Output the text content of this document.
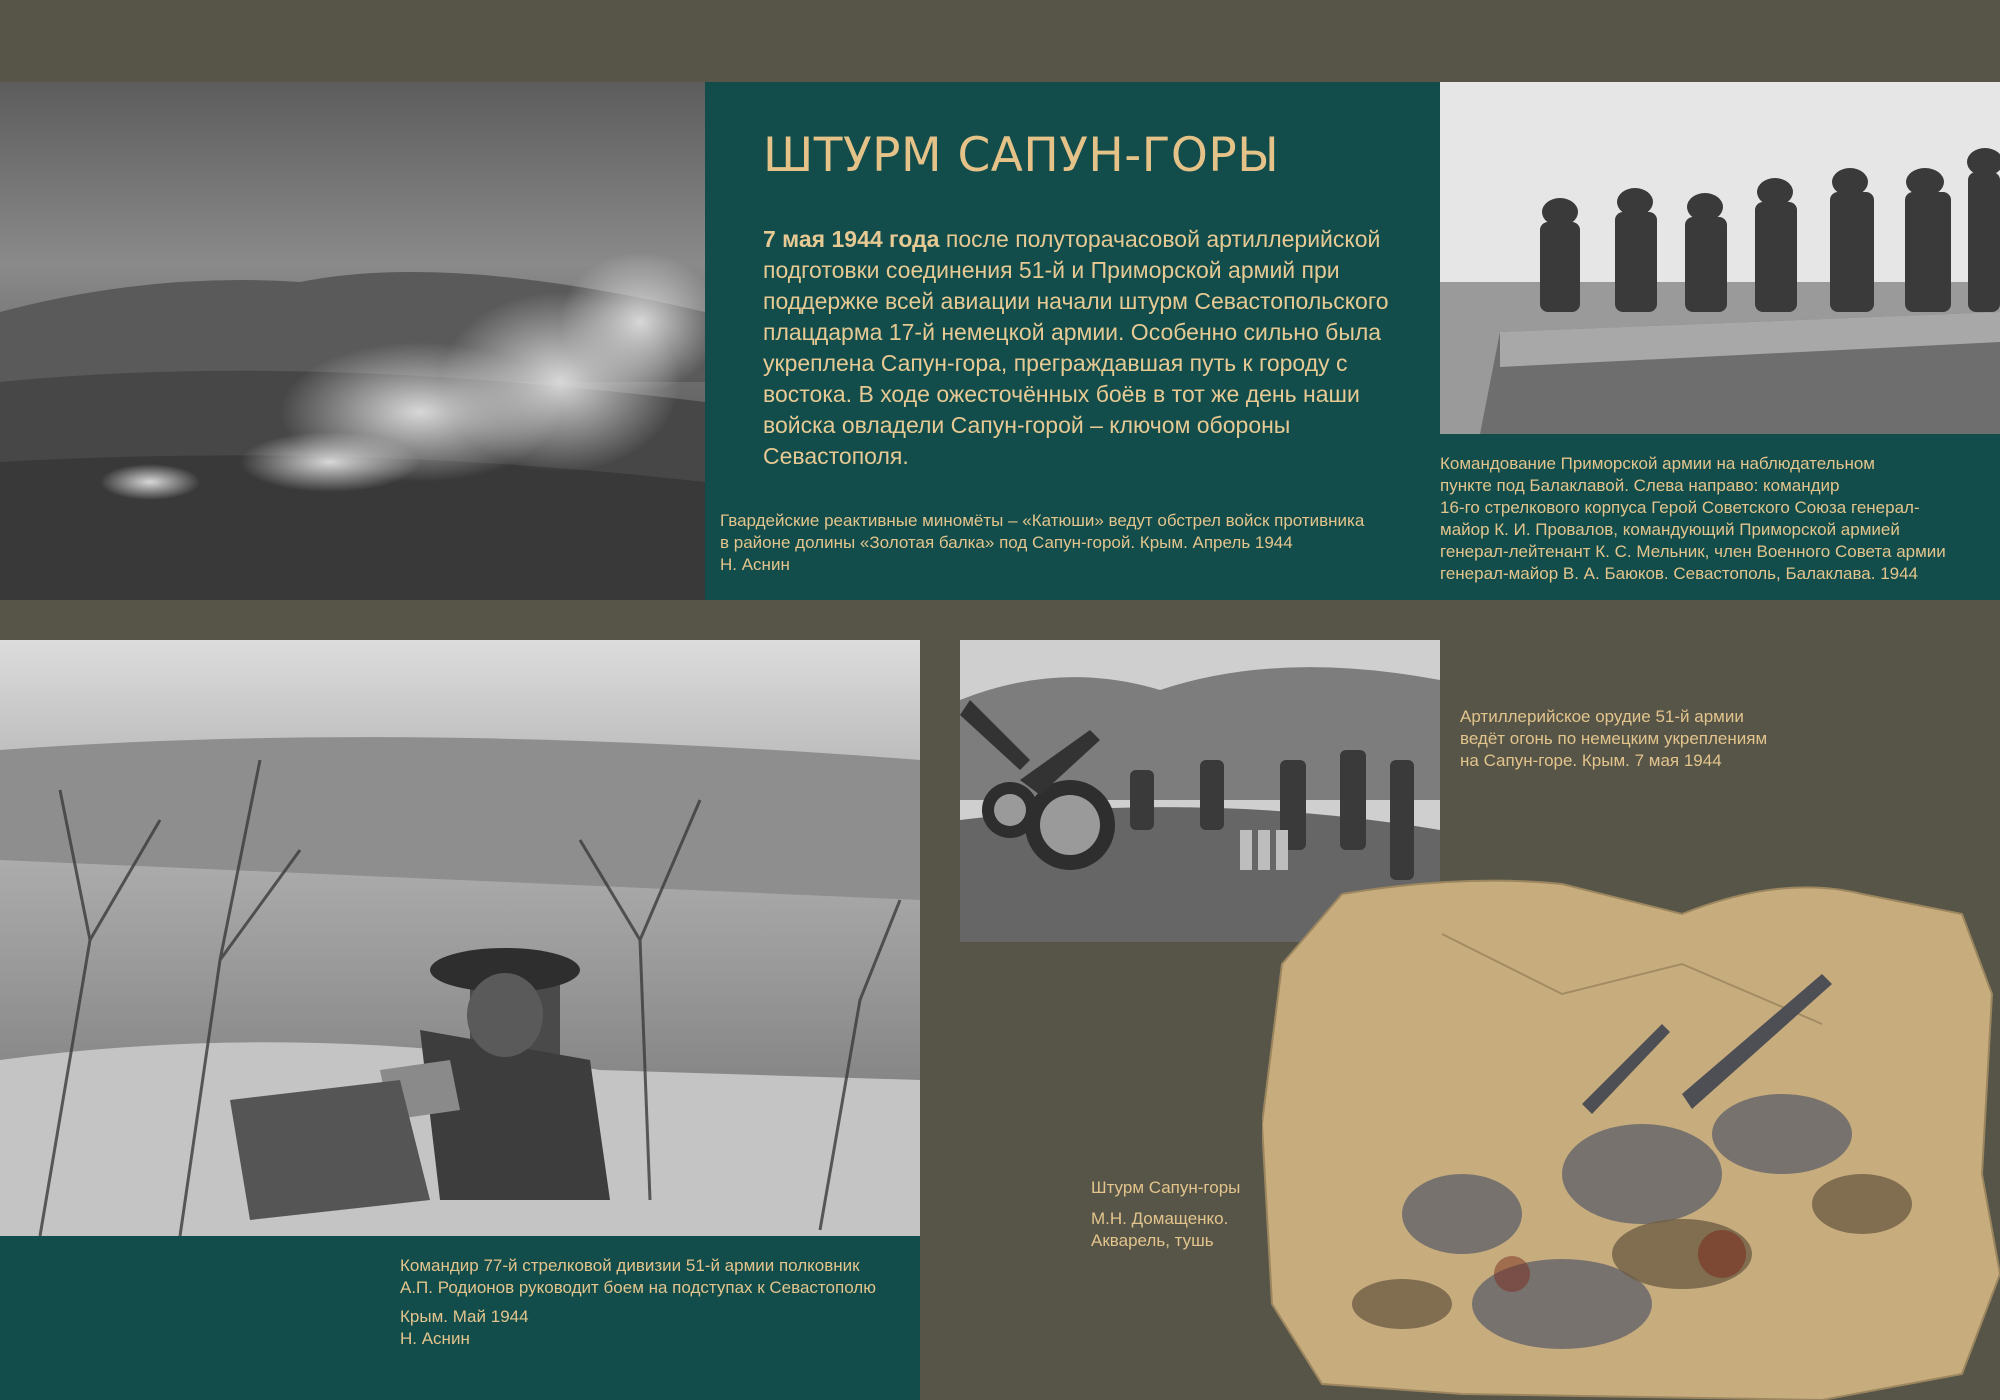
ШТУРМ САПУН-ГОРЫ
7 мая 1944 года после полуторачасовой артиллерийской подготовки соединения 51-й и Приморской армий при поддержке всей авиации начали штурм Севастопольского плацдарма 17-й немецкой армии. Особенно сильно была укреплена Сапун-гора, преграждавшая путь к городу с востока. В ходе ожесточённых боёв в тот же день наши войска овладели Сапун-горой – ключом обороны Севастополя.
Гвардейские реактивные миномёты – «Катюши» ведут обстрел войск противника
в районе долины «Золотая балка» под Сапун-горой. Крым. Апрель 1944
Н. Аснин
Командование Приморской армии на наблюдательном
пункте под Балаклавой. Слева направо: командир
16-го стрелкового корпуса Герой Советского Союза генерал-
майор К. И. Провалов, командующий Приморской армией
генерал-лейтенант К. С. Мельник, член Военного Совета армии
генерал-майор В. А. Баюков. Севастополь, Балаклава. 1944
Командир 77-й стрелковой дивизии 51-й армии полковник
А.П. Родионов руководит боем на подступах к Севастополю
Крым. Май 1944
Н. Аснин
Артиллерийское орудие 51-й армии
ведёт огонь по немецким укреплениям
на Сапун-горе. Крым. 7 мая 1944
Штурм Сапун-горы
М.Н. Домащенко.
Акварель, тушь
